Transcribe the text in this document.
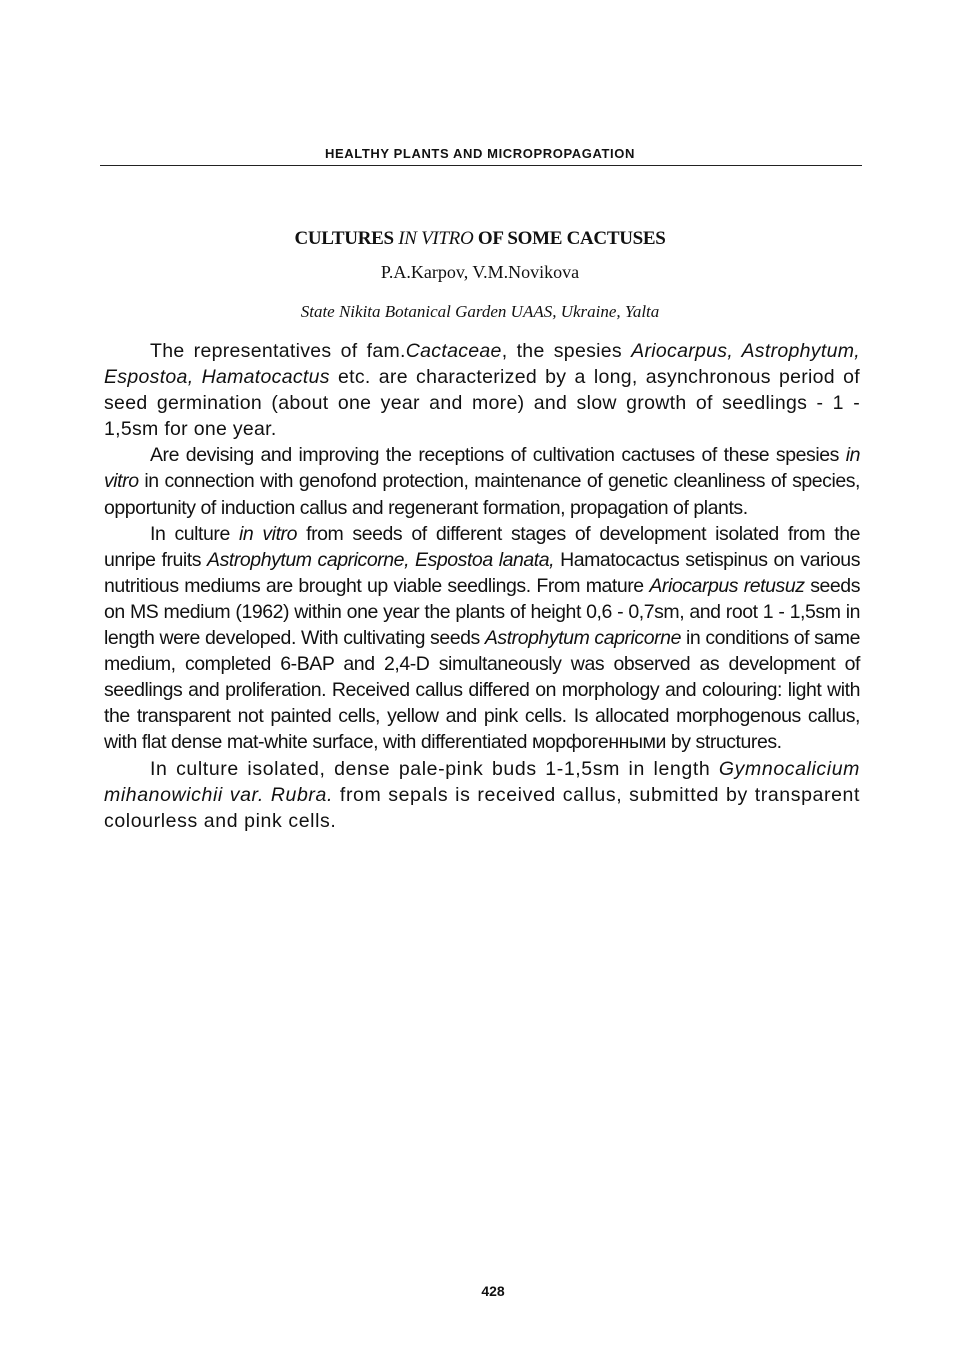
HEALTHY PLANTS AND MICROPROPAGATION
CULTURES IN VITRO OF SOME CACTUSES
P.A.Karpov, V.M.Novikova
State Nikita Botanical Garden UAAS, Ukraine, Yalta

The representatives of fam.Cactaceae, the spesies Ariocarpus, Astrophytum, Espostoa, Hamatocactus etc. are characterized by a long, asynchronous period of seed germination (about one year and more) and slow growth of seedlings - 1 - 1,5sm for one year.

Are devising and improving the receptions of cultivation cactuses of these spesies in vitro in connection with genofond protection, maintenance of genetic cleanliness of species, opportunity of induction callus and regenerant formation, propagation of plants.

In culture in vitro from seeds of different stages of development isolated from the unripe fruits Astrophytum capricorne, Espostoa lanata, Hamatocactus setispinus on various nutritious mediums are brought up viable seedlings. From mature Ariocarpus retusuz seeds on MS medium (1962) within one year the plants of height 0,6 - 0,7sm, and root 1 - 1,5sm in length were developed. With cultivating seeds Astrophytum capricorne in conditions of same medium, completed 6-BAP and 2,4-D simultaneously was observed as development of seedlings and proliferation. Received callus differed on morphology and colouring: light with the transparent not painted cells, yellow and pink cells. Is allocated morphogenous callus, with flat dense mat-white surface, with differentiated морфогенными by structures.

In culture isolated, dense pale-pink buds 1-1,5sm in length Gymnocalicium mihanowichii var. Rubra. from sepals is received callus, submitted by transparent colourless and pink cells.

428
